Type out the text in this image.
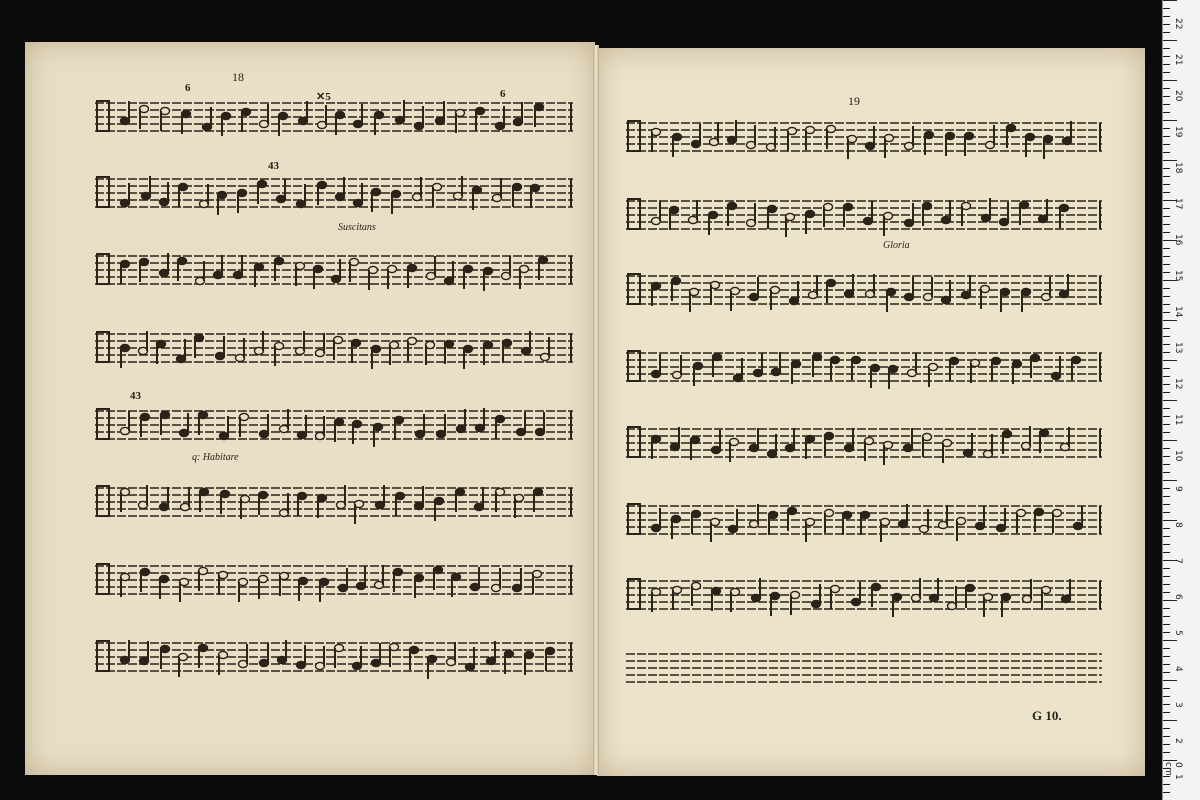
18
Suscitans
q: Habitare
6
✕5	6
43
43
19
Gloria
G 10.
22
21
20
19
18
17
16
15
14
13
12
11
10
9
8
7
6
5
4
3
2
1
0 cm
